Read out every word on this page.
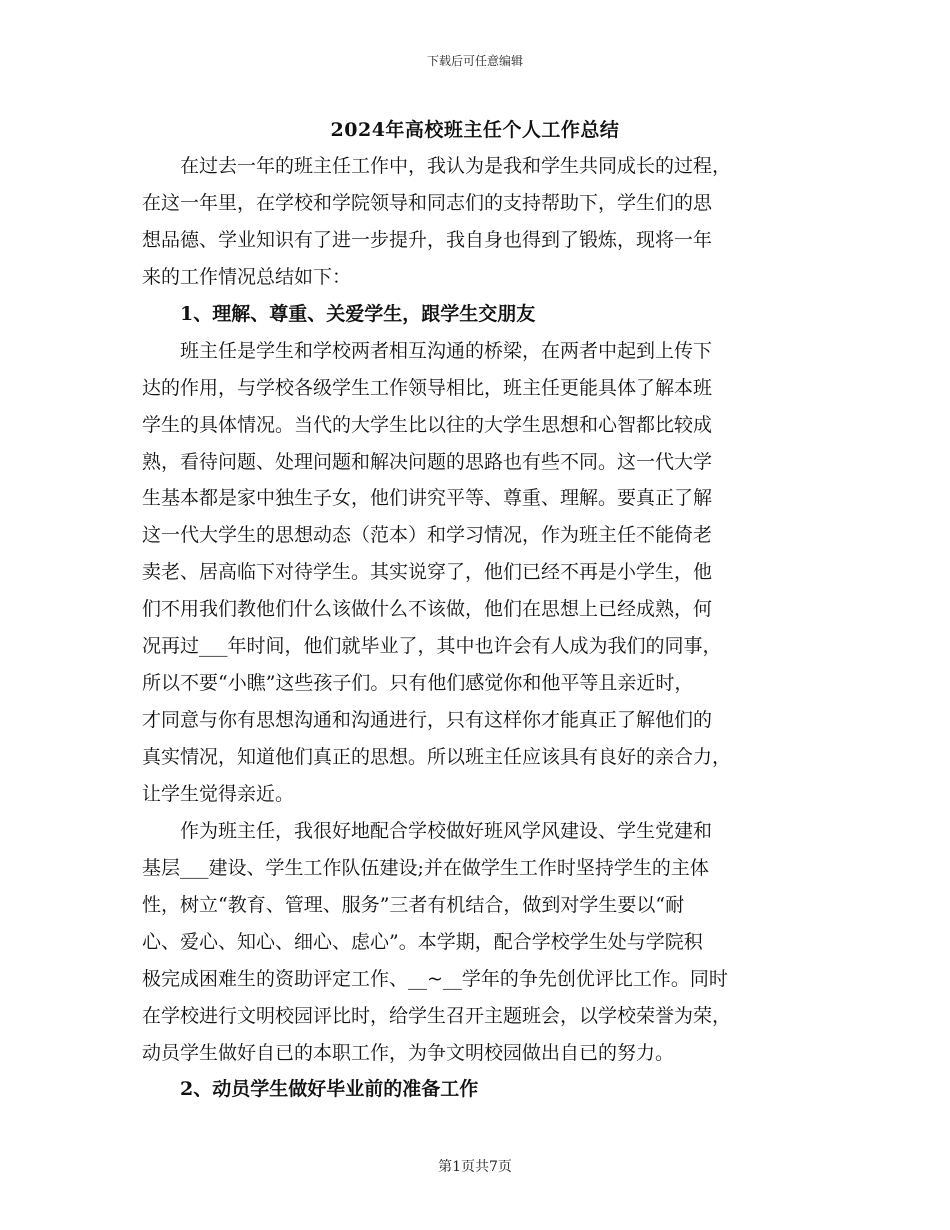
下载后可任意编辑
2024年高校班主任个人工作总结
　　在过去一年的班主任工作中，我认为是我和学生共同成长的过程，
在这一年里，在学校和学院领导和同志们的支持帮助下，学生们的思
想品德、学业知识有了进一步提升，我自身也得到了锻炼，现将一年
来的工作情况总结如下：
　　1、理解、尊重、关爱学生，跟学生交朋友
　　班主任是学生和学校两者相互沟通的桥梁，在两者中起到上传下
达的作用，与学校各级学生工作领导相比，班主任更能具体了解本班
学生的具体情况。当代的大学生比以往的大学生思想和心智都比较成
熟，看待问题、处理问题和解决问题的思路也有些不同。这一代大学
生基本都是家中独生子女，他们讲究平等、尊重、理解。要真正了解
这一代大学生的思想动态（范本）和学习情况，作为班主任不能倚老
卖老、居高临下对待学生。其实说穿了，他们已经不再是小学生，他
们不用我们教他们什么该做什么不该做，他们在思想上已经成熟，何
况再过___年时间，他们就毕业了，其中也许会有人成为我们的同事，
所以不要“小瞧”这些孩子们。只有他们感觉你和他平等且亲近时，
才同意与你有思想沟通和沟通进行，只有这样你才能真正了解他们的
真实情况，知道他们真正的思想。所以班主任应该具有良好的亲合力，
让学生觉得亲近。
　　作为班主任，我很好地配合学校做好班风学风建设、学生党建和
基层___建设、学生工作队伍建设;并在做学生工作时坚持学生的主体
性，树立“教育、管理、服务”三者有机结合，做到对学生要以“耐
心、爱心、知心、细心、虑心”。本学期，配合学校学生处与学院积
极完成困难生的资助评定工作、__~__学年的争先创优评比工作。同时
在学校进行文明校园评比时，给学生召开主题班会，以学校荣誉为荣，
动员学生做好自已的本职工作，为争文明校园做出自已的努力。
　　2、动员学生做好毕业前的准备工作
第1页共7页
